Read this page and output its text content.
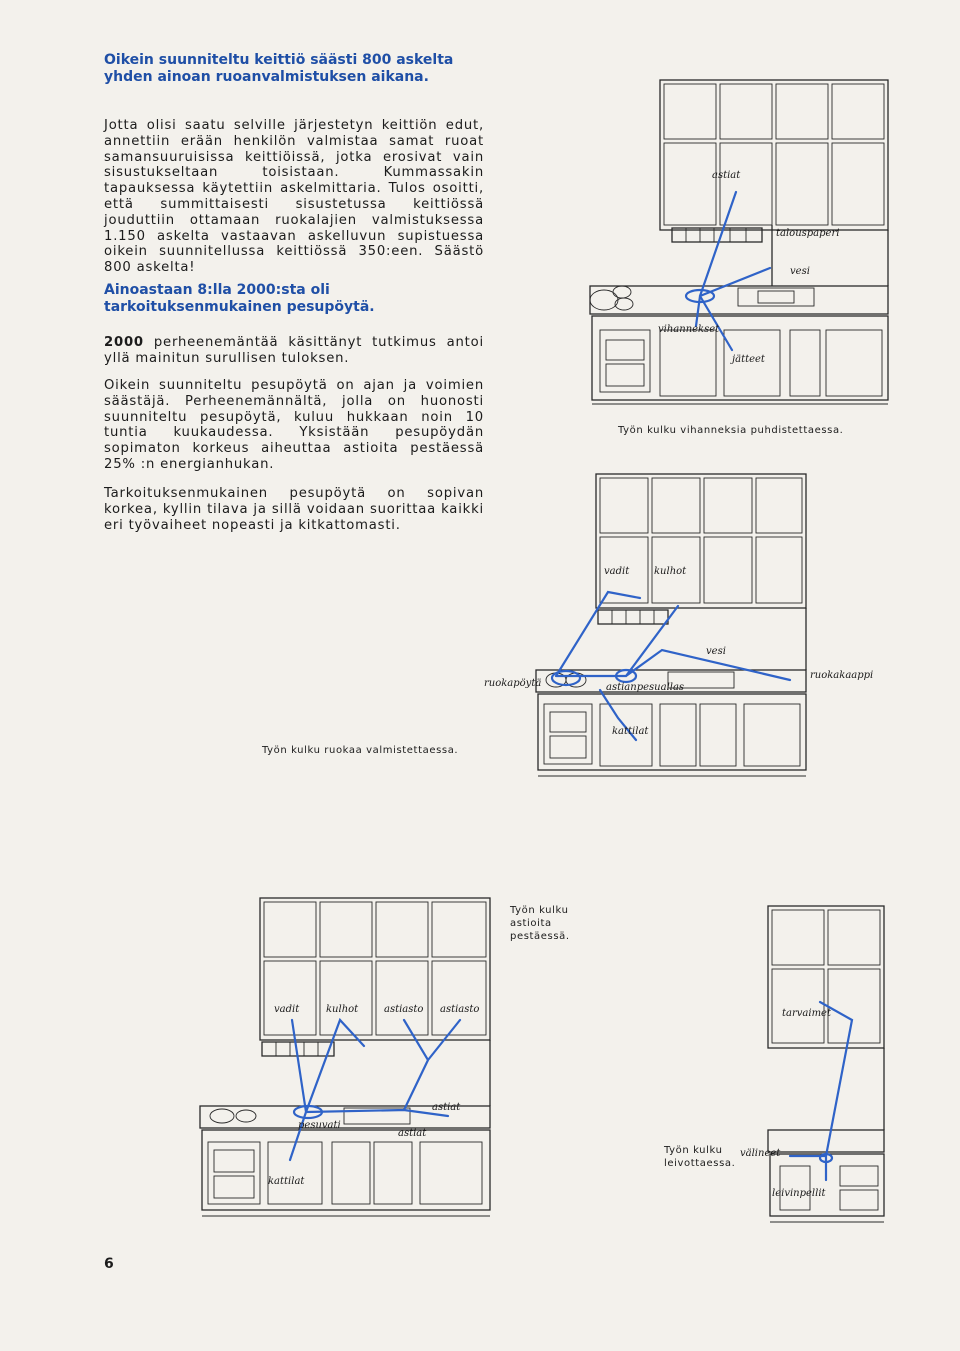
Oikein suunniteltu keittiö säästi 800 askelta
yhden ainoan ruoanvalmistuksen aikana.

Jotta olisi saatu selville järjestetyn keittiön edut, annettiin erään henkilön valmistaa samat ruoat samansuuruisissa keittiöissä, jotka erosivat vain sisustukseltaan toisistaan. Kummassakin tapauksessa käytettiin askelmittaria. Tulos osoitti, että summittaisesti sisustetussa keittiössä jouduttiin ottamaan ruokalajien valmistuksessa 1.150 askelta vastaavan askelluvun supistuessa oikein suunnitellussa keittiössä 350:een. Säästö 800 askelta!

Ainoastaan 8:lla 2000:sta oli tarkoituksenmukainen pesupöytä.

2000 perheenemäntää käsittänyt tutkimus antoi yllä mainitun surullisen tuloksen.

Oikein suunniteltu pesupöytä on ajan ja voimien säästäjä. Perheenemännältä, jolla on huonosti suunniteltu pesupöytä, kuluu hukkaan noin 10 tuntia kuukaudessa. Yksistään pesupöydän sopimaton korkeus aiheuttaa astioita pestäessä 25% :n energianhukan.

Tarkoituksenmukainen pesupöytä on sopivan korkea, kyllin tilava ja sillä voidaan suorittaa kaikki eri työvaiheet nopeasti ja kitkattomasti.

Työn kulku vihanneksia puhdistettaessa.

Työn kulku ruokaa valmistettaessa.

Työn kulku
astioita
pestäessä.

Työn kulku
leivottaessa.

6
astiat
talouspaperi
vesi
vihannekset
jätteet
vadit kulhot
vesi
ruokapöytä
ruokakaappi
astianpesuallas
kattilat
vadit	kulhot	astiasto astiasto
pesuvati
astiat
astiat
kattilat
tarvaimet
välineet
leivinpellit
